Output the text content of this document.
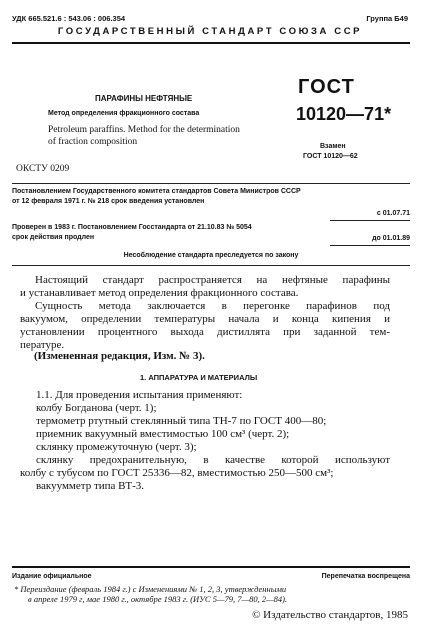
УДК 665.521.6 : 543.06 : 006.354	Группа Б49
ГОСУДАРСТВЕННЫЙ СТАНДАРТ СОЮЗА ССР
ПАРАФИНЫ НЕФТЯНЫЕ
Метод определения фракционного состава
Petroleum paraffins. Method for the determination
of fraction composition
ГОСТ
10120—71*
Взамен
ГОСТ 10120—62
ОКСТУ 0209
Постановлением Государственного комитета стандартов Совета Министров СССР
от 12 февраля 1971 г. № 218 срок введения установлен
с 01.07.71
Проверен в 1983 г. Постановлением Госстандарта от 21.10.83 № 5054
срок действия продлен	до 01.01.89
Несоблюдение стандарта преследуется по закону
Настоящий стандарт распространяется на нефтяные парафины
и устанавливает метод определения фракционного состава.
Сущность метода заключается в перегонке парафинов под
вакуумом, определении температуры начала и конца кипения и
установлении процентного выхода дистиллята при заданной тем-
пературе.
(Измененная редакция, Изм. № 3).
1. АППАРАТУРА И МАТЕРИАЛЫ
1.1. Для проведения испытания применяют:
колбу Богданова (черт. 1);
термометр ртутный стеклянный типа ТН-7 по ГОСТ 400—80;
приемник вакуумный вместимостью 100 см³ (черт. 2);
склянку промежуточную (черт. 3);
склянку предохранительную, в качестве которой используют
колбу с тубусом по ГОСТ 25336—82, вместимостью 250—500 см³;
вакуумметр типа ВТ-3.
Издание официальное	Перепечатка воспрещена
* Переиздание (февраль 1984 г.) с Изменениями № 1, 2, 3, утвержденными
в апреле 1979 г, мае 1980 г., октябре 1983 г. (ИУС 5—79, 7—80, 2—84).
© Издательство стандартов, 1985
